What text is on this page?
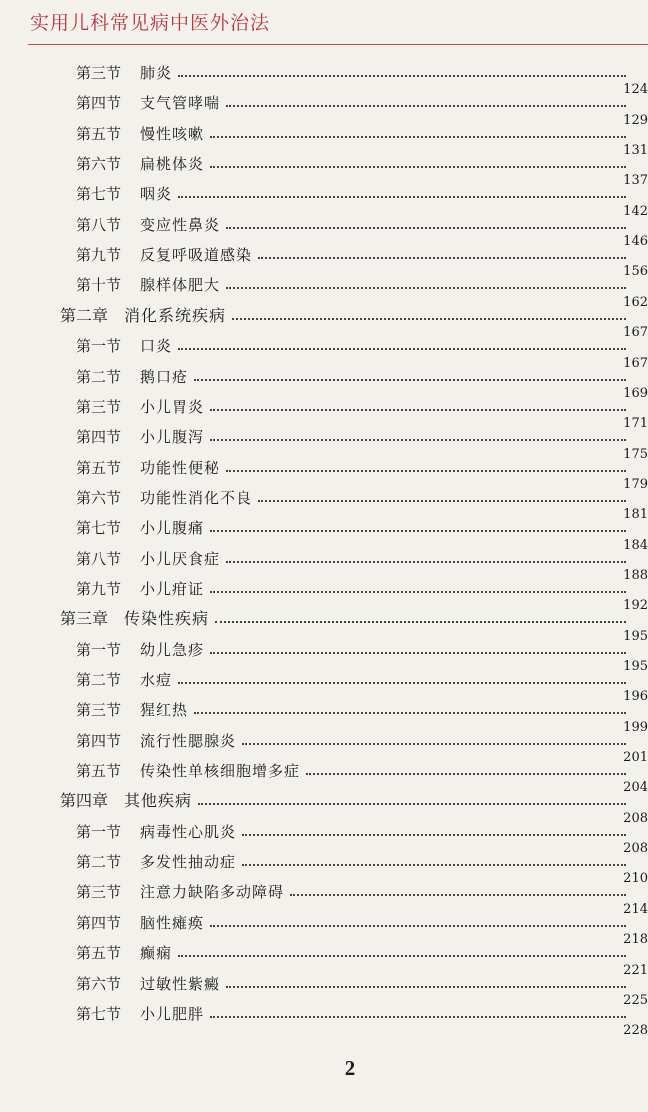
实用儿科常见病中医外治法
第三节 肺炎
第四节 支气管哮喘
124
第五节 慢性咳嗽
129
第六节 扁桃体炎
131
第七节 咽炎
137
第八节 变应性鼻炎
142
第九节 反复呼吸道感染
146
第十节 腺样体肥大
156
第二章 消化系统疾病
162
第一节 口炎
167
第二节 鹅口疮
167
第三节 小儿胃炎
169
第四节 小儿腹泻
171
第五节 功能性便秘
175
第六节 功能性消化不良
179
第七节 小儿腹痛
181
第八节 小儿厌食症
184
第九节 小儿疳证
188
第三章 传染性疾病
192
第一节 幼儿急疹
195
第二节 水痘
195
第三节 猩红热
196
第四节 流行性腮腺炎
199
第五节 传染性单核细胞增多症
201
第四章 其他疾病
204
第一节 病毒性心肌炎
208
第二节 多发性抽动症
208
第三节 注意力缺陷多动障碍
210
第四节 脑性瘫痪
214
第五节 癫痫
218
第六节 过敏性紫癜
221
第七节 小儿肥胖
225
228
2
